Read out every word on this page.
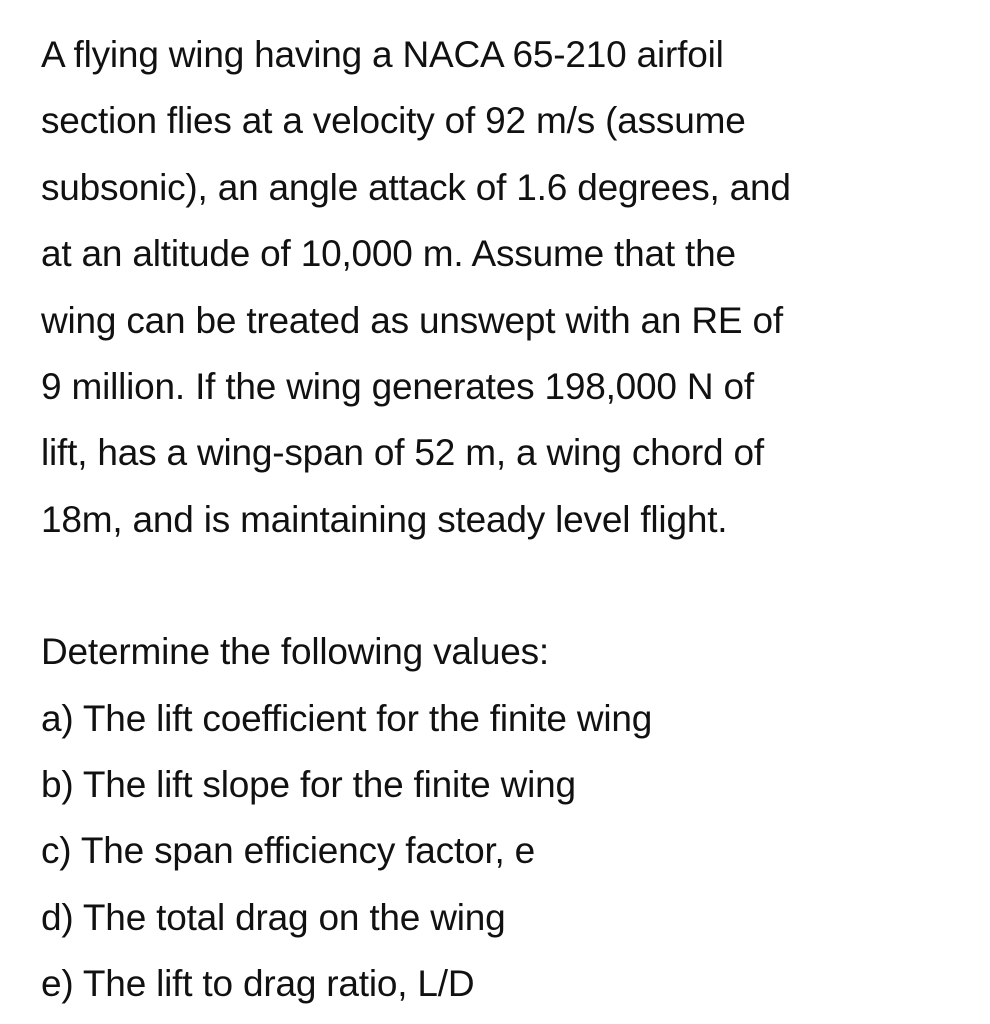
A flying wing having a NACA 65-210 airfoil
section flies at a velocity of 92 m/s (assume
subsonic), an angle attack of 1.6 degrees, and
at an altitude of 10,000 m. Assume that the
wing can be treated as unswept with an RE of
9 million. If the wing generates 198,000 N of
lift, has a wing-span of 52 m, a wing chord of
18m, and is maintaining steady level flight.
Determine the following values:
a) The lift coefficient for the finite wing
b) The lift slope for the finite wing
c) The span efficiency factor, e
d) The total drag on the wing
e) The lift to drag ratio, L/D
